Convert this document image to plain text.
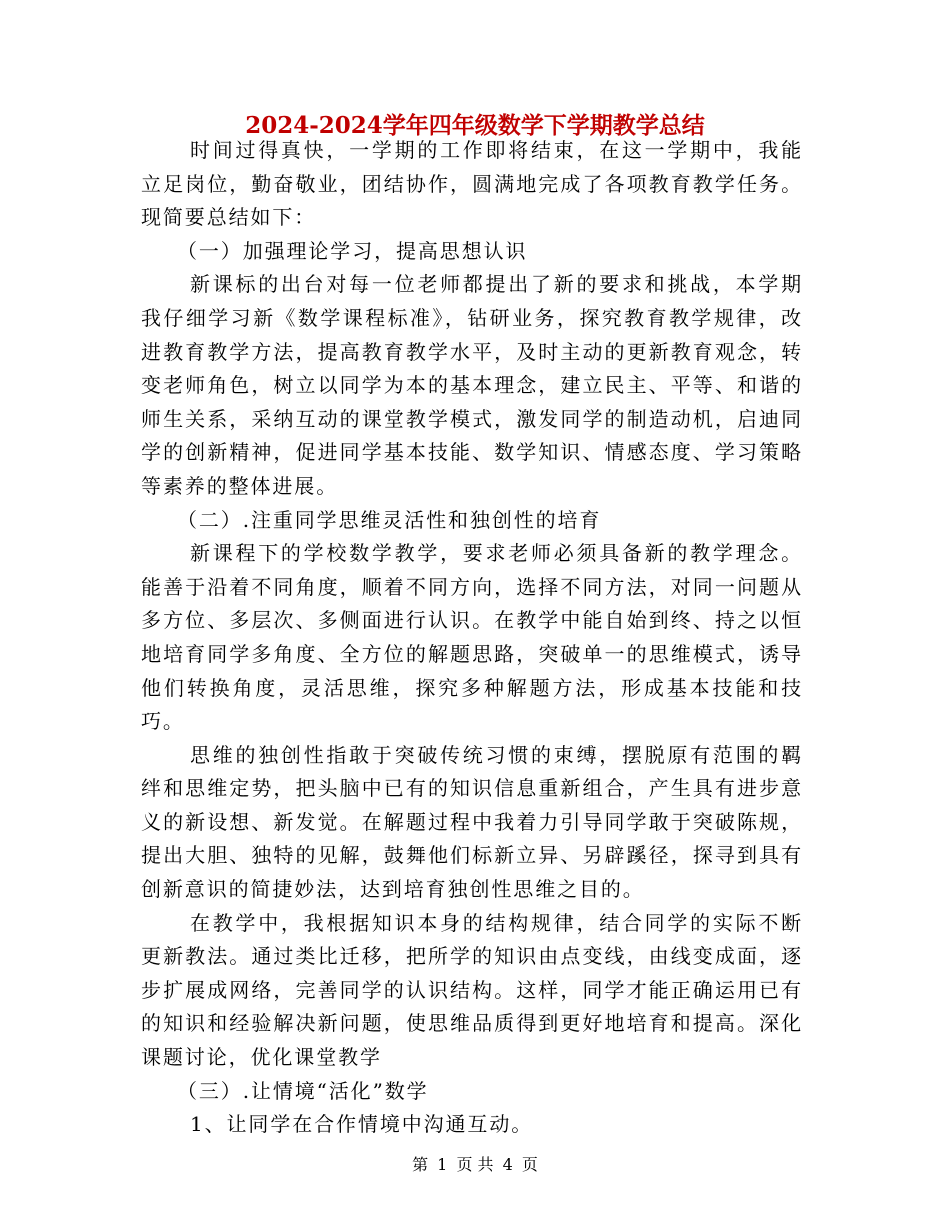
2024-2024学年四年级数学下学期教学总结

时间过得真快，一学期的工作即将结束，在这一学期中，我能立足岗位，勤奋敬业，团结协作，圆满地完成了各项教育教学任务。现简要总结如下：

（一）加强理论学习，提高思想认识

新课标的出台对每一位老师都提出了新的要求和挑战，本学期我仔细学习新《数学课程标准》，钻研业务，探究教育教学规律，改进教育教学方法，提高教育教学水平，及时主动的更新教育观念，转变老师角色，树立以同学为本的基本理念，建立民主、平等、和谐的师生关系，采纳互动的课堂教学模式，激发同学的制造动机，启迪同学的创新精神，促进同学基本技能、数学知识、情感态度、学习策略等素养的整体进展。

（二）.注重同学思维灵活性和独创性的培育

新课程下的学校数学教学，要求老师必须具备新的教学理念。能善于沿着不同角度，顺着不同方向，选择不同方法，对同一问题从多方位、多层次、多侧面进行认识。在教学中能自始到终、持之以恒地培育同学多角度、全方位的解题思路，突破单一的思维模式，诱导他们转换角度，灵活思维，探究多种解题方法，形成基本技能和技巧。

思维的独创性指敢于突破传统习惯的束缚，摆脱原有范围的羁绊和思维定势，把头脑中已有的知识信息重新组合，产生具有进步意义的新设想、新发觉。在解题过程中我着力引导同学敢于突破陈规，提出大胆、独特的见解，鼓舞他们标新立异、另辟蹊径，探寻到具有创新意识的简捷妙法，达到培育独创性思维之目的。

在教学中，我根据知识本身的结构规律，结合同学的实际不断更新教法。通过类比迁移，把所学的知识由点变线，由线变成面，逐步扩展成网络，完善同学的认识结构。这样，同学才能正确运用已有的知识和经验解决新问题，使思维品质得到更好地培育和提高。深化课题讨论，优化课堂教学

（三）.让情境“活化”数学

1、让同学在合作情境中沟通互动。

第 1 页 共 4 页
